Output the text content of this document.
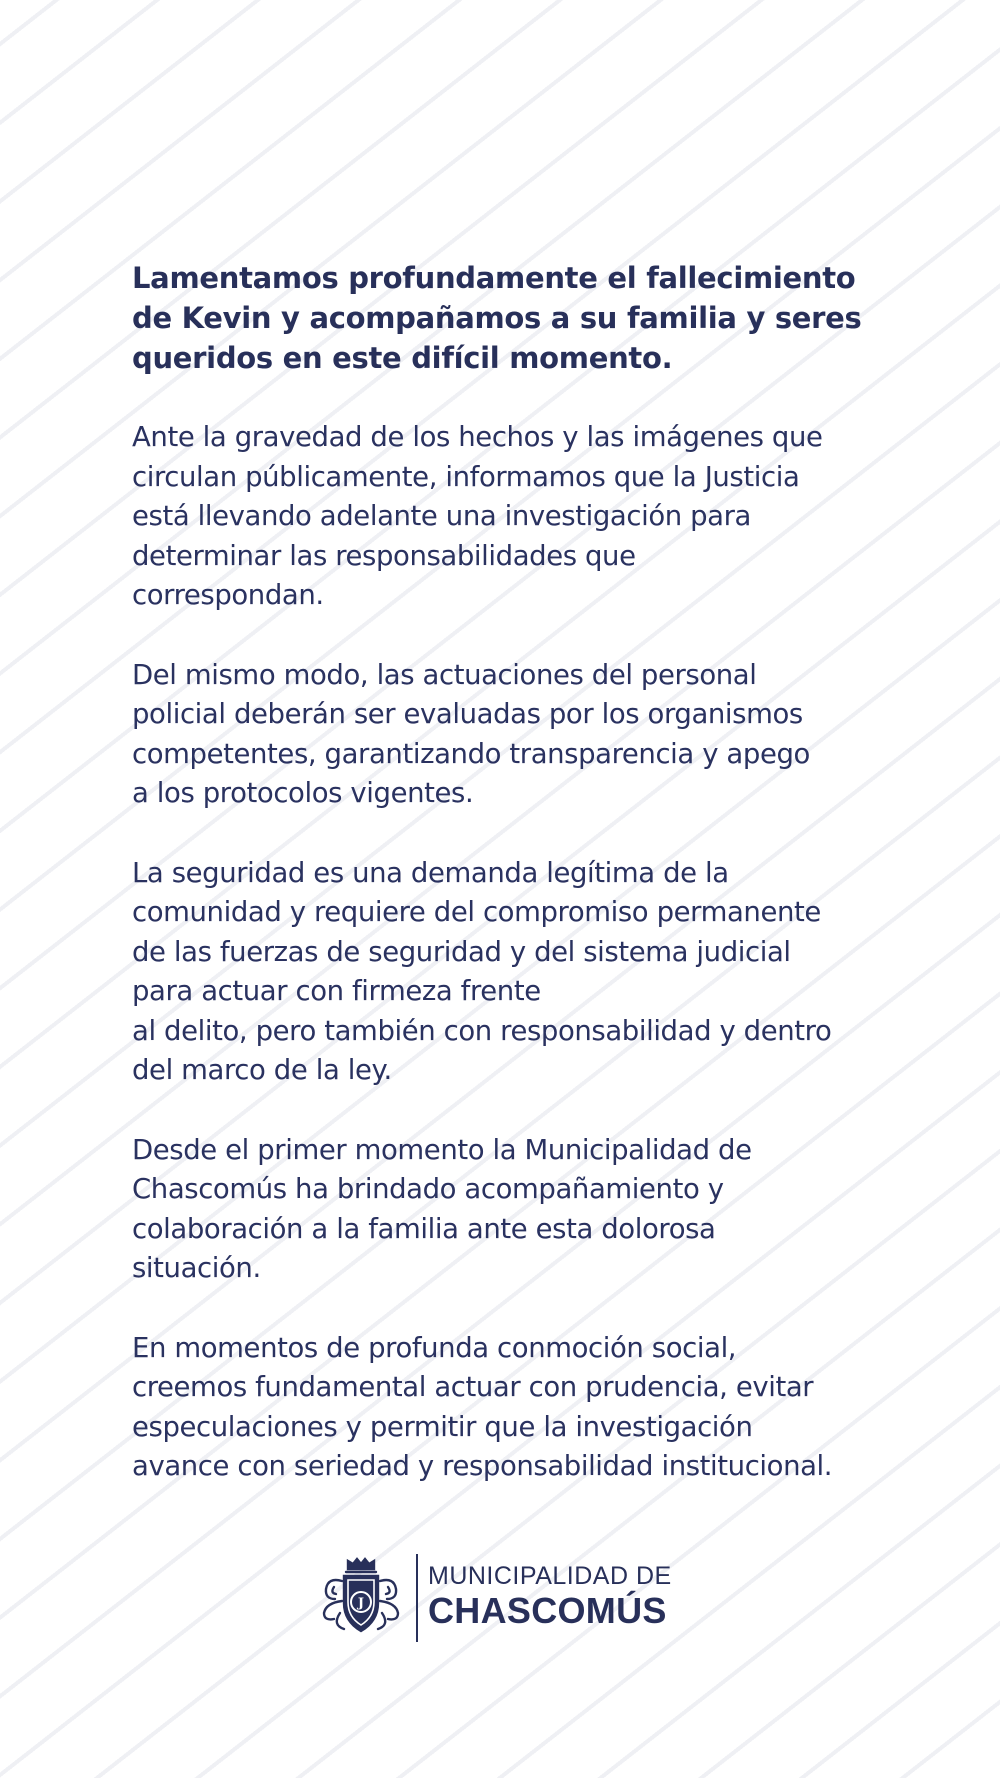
Lamentamos profundamente el fallecimiento
de Kevin y acompañamos a su familia y seres
queridos en este difícil momento.

Ante la gravedad de los hechos y las imágenes que
circulan públicamente, informamos que la Justicia
está llevando adelante una investigación para
determinar las responsabilidades que
correspondan.

Del mismo modo, las actuaciones del personal
policial deberán ser evaluadas por los organismos
competentes, garantizando transparencia y apego
a los protocolos vigentes.

La seguridad es una demanda legítima de la
comunidad y requiere del compromiso permanente
de las fuerzas de seguridad y del sistema judicial
para actuar con firmeza frente
al delito, pero también con responsabilidad y dentro
del marco de la ley.

Desde el primer momento la Municipalidad de
Chascomús ha brindado acompañamiento y
colaboración a la familia ante esta dolorosa
situación.

En momentos de profunda conmoción social,
creemos fundamental actuar con prudencia, evitar
especulaciones y permitir que la investigación
avance con seriedad y responsabilidad institucional.

J
MUNICIPALIDAD DE
CHASCOMÚS
